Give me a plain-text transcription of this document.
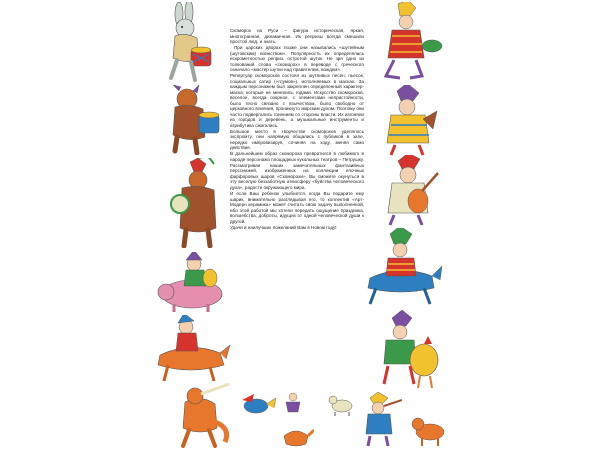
Скоморох на Руси – фигура историческая, яркая, многогранная, динамичная. Их репризы всегда смешили простой люд, и знать.

При царских дворах позже они назывались «шутейным (шутовским) воинством». Популярность их определялась искрометностью реприз, остротой шуток. Не зря одно из толкований слова «скоморох» в переводе с греческого означало «мастер шутки над правителем, вождем».

Репертуар скоморохов состоял из шутливых песен, пьесок, социальных сатир («глумов»), исполняемых в масках. За каждым персонажем был закреплен определенный характер-маска, которые не менялись годами. Искусство скоморохов, веселое, всегда озорное, с элементами непристойности, было тесно связано с язычеством, было свободно от церковного влияния, проникнуто мирским духом. Поэтому они часто подвергались гонениям со стороны власти. Их изгоняли из городов и деревень, а музыкальные инструменты и атрибутика сжигались.

Большое место в творчестве скоморохов уделялось экспромту, они напрямую общались с публикой в зале, нередко импровизируя, сочиняя на ходу, меняя само действие.

В дальнейшем образ скомороха превратился в любимого в народе персонажа площадных кукольных театров – Петрушку.

Рассматривая наших замечательных фантазийных персонажей, изображенных на коллекции елочных фарфоровых шаров «Скоморохи», Вы сможете окунуться в эту веселую беззаботную атмосферу «буйства человеческого духа», радости окружающего мира.

И если Ваш ребенок улыбнется, когда Вы подарите ему шарик, внимательно разглядывая его, то коллектив «Арт-Модерн керамика» может считать свою задачу выполненной, ибо этой работой мы хотели передать ощущение праздника, волшебства, доброты, идущих от одной человеческой души к другой.

Удачи и наилучших пожеланий Вам в Новом году!
